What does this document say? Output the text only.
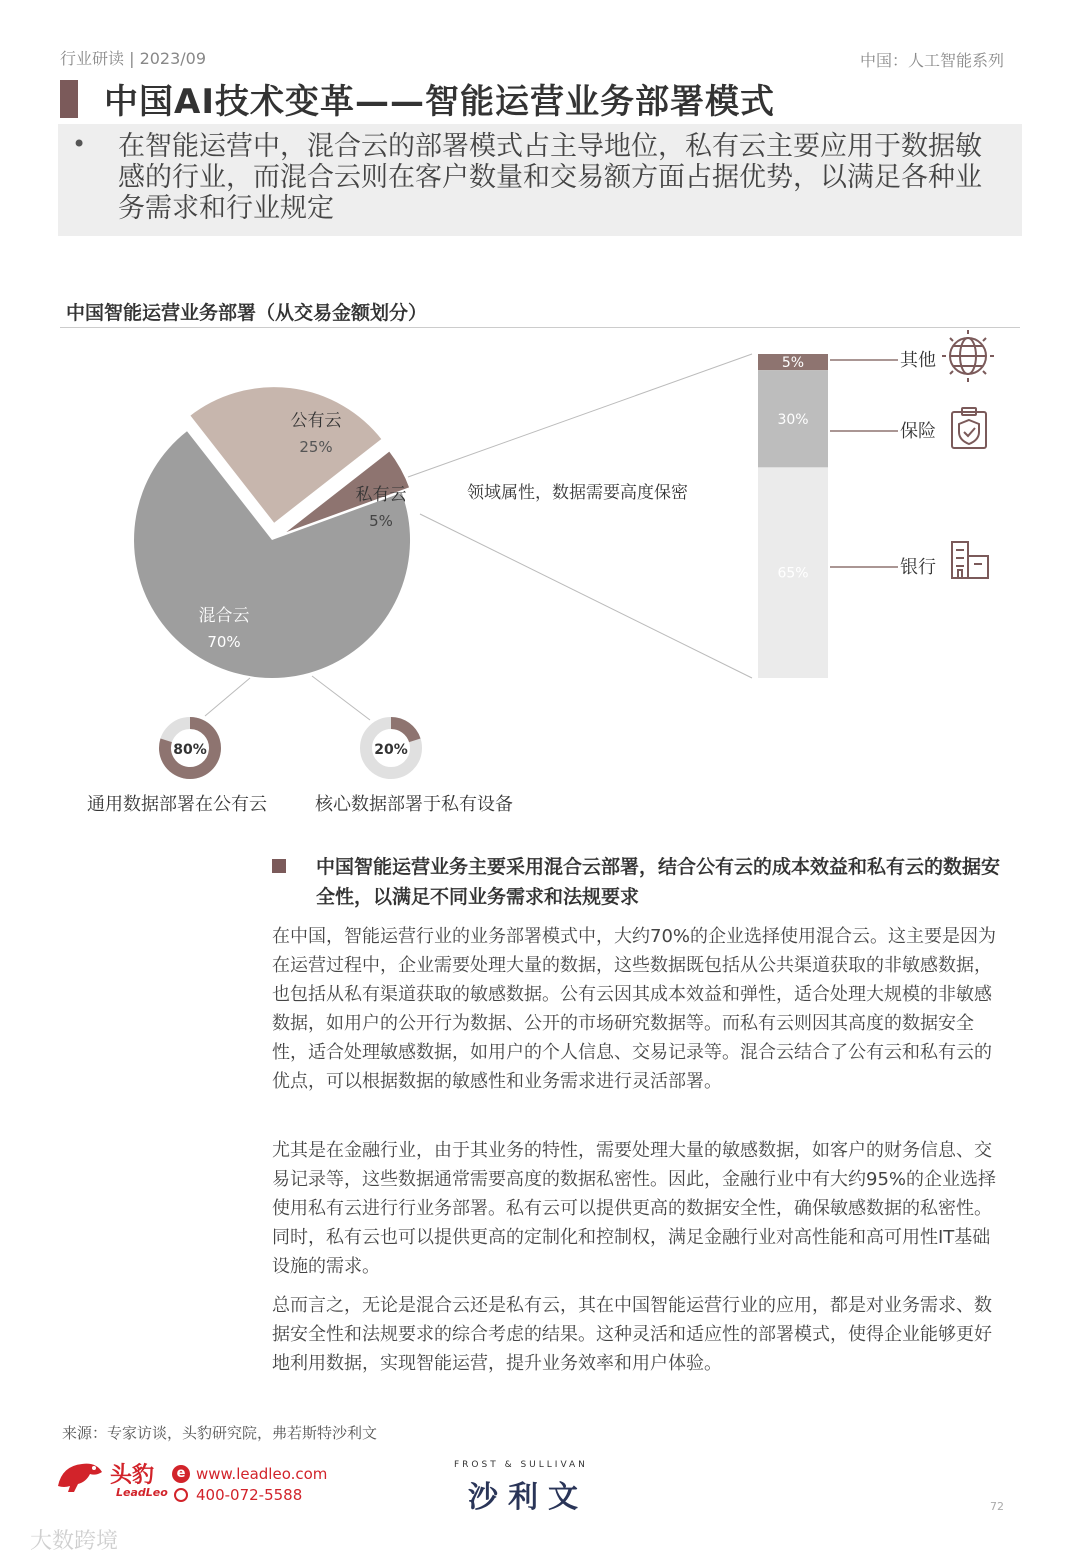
行业研读 | 2023/09	中国：人工智能系列
中国AI技术变革——智能运营业务部署模式
• 在智能运营中，混合云的部署模式占主导地位，私有云主要应用于数据敏感的行业，而混合云则在客户数量和交易额方面占据优势，以满足各种业务需求和行业规定
中国智能运营业务部署（从交易金额划分）
公有云
25%
私有云
5%
混合云
70%
领域属性，数据需要高度保密
5%
30%
65%
其他
保险
银行
80%	20%
通用数据部署在公有云	核心数据部署于私有设备
中国智能运营业务主要采用混合云部署，结合公有云的成本效益和私有云的数据安全性，以满足不同业务需求和法规要求
在中国，智能运营行业的业务部署模式中，大约70%的企业选择使用混合云。这主要是因为在运营过程中，企业需要处理大量的数据，这些数据既包括从公共渠道获取的非敏感数据，也包括从私有渠道获取的敏感数据。公有云因其成本效益和弹性，适合处理大规模的非敏感数据，如用户的公开行为数据、公开的市场研究数据等。而私有云则因其高度的数据安全性，适合处理敏感数据，如用户的个人信息、交易记录等。混合云结合了公有云和私有云的优点，可以根据数据的敏感性和业务需求进行灵活部署。
尤其是在金融行业，由于其业务的特性，需要处理大量的敏感数据，如客户的财务信息、交易记录等，这些数据通常需要高度的数据私密性。因此，金融行业中有大约95%的企业选择使用私有云进行行业务部署。私有云可以提供更高的数据安全性，确保敏感数据的私密性。同时，私有云也可以提供更高的定制化和控制权，满足金融行业对高性能和高可用性IT基础设施的需求。
总而言之，无论是混合云还是私有云，其在中国智能运营行业的应用，都是对业务需求、数据安全性和法规要求的综合考虑的结果。这种灵活和适应性的部署模式，使得企业能够更好地利用数据，实现智能运营，提升业务效率和用户体验。
来源：专家访谈，头豹研究院，弗若斯特沙利文
头豹
LeadLeo
e www.leadleo.com
400-072-5588
FROST & SULLIVAN
沙利文	72
大数跨境
